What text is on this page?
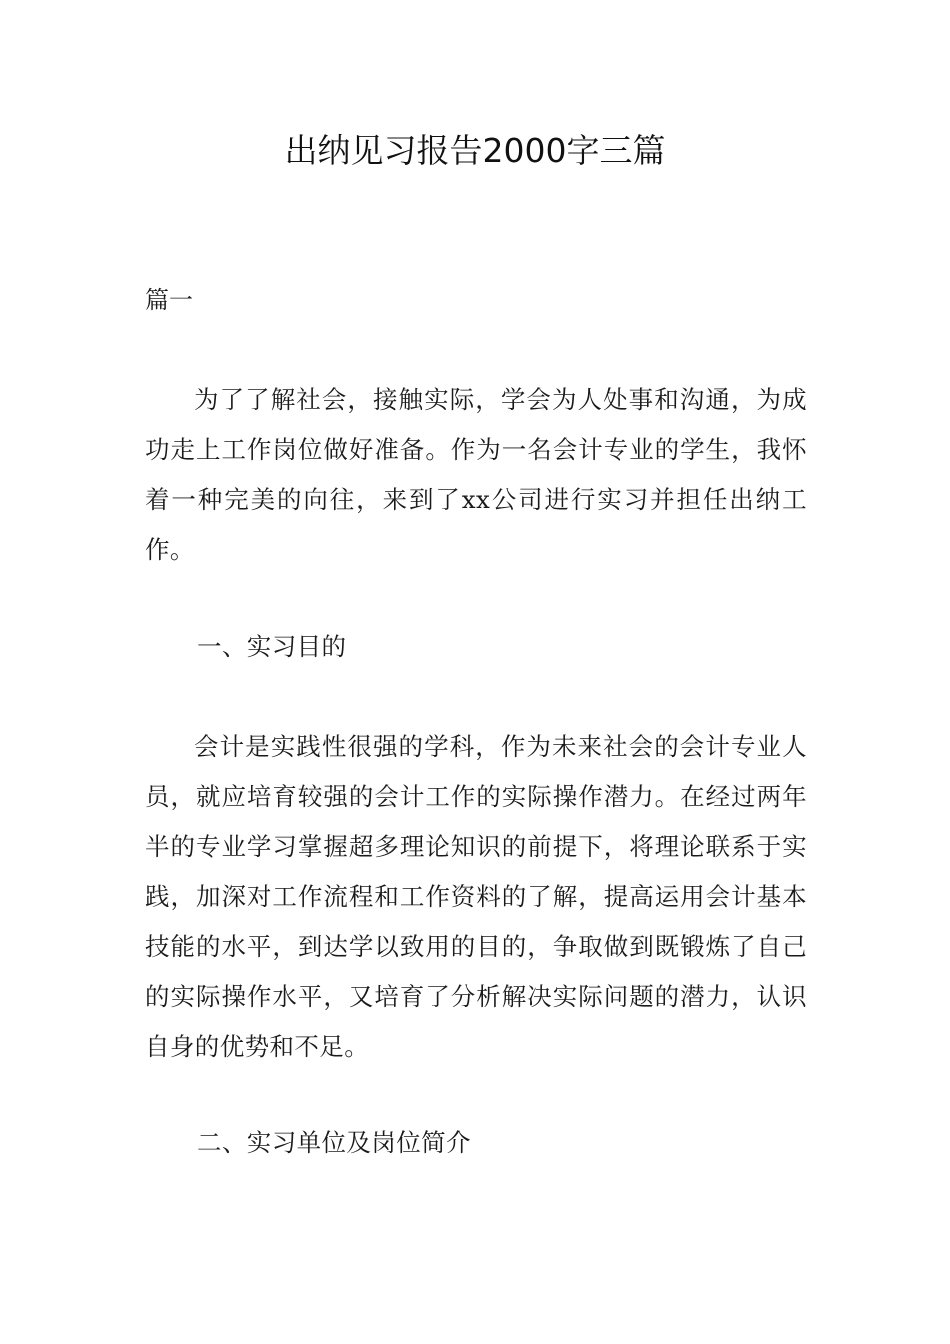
出纳见习报告2000字三篇
篇一

为了了解社会，接触实际，学会为人处事和沟通，为成功走上工作岗位做好准备。作为一名会计专业的学生，我怀着一种完美的向往，来到了xx公司进行实习并担任出纳工作。

一、实习目的

会计是实践性很强的学科，作为未来社会的会计专业人员，就应培育较强的会计工作的实际操作潜力。在经过两年半的专业学习掌握超多理论知识的前提下，将理论联系于实践，加深对工作流程和工作资料的了解，提高运用会计基本技能的水平，到达学以致用的目的，争取做到既锻炼了自己的实际操作水平，又培育了分析解决实际问题的潜力，认识自身的优势和不足。

二、实习单位及岗位简介
